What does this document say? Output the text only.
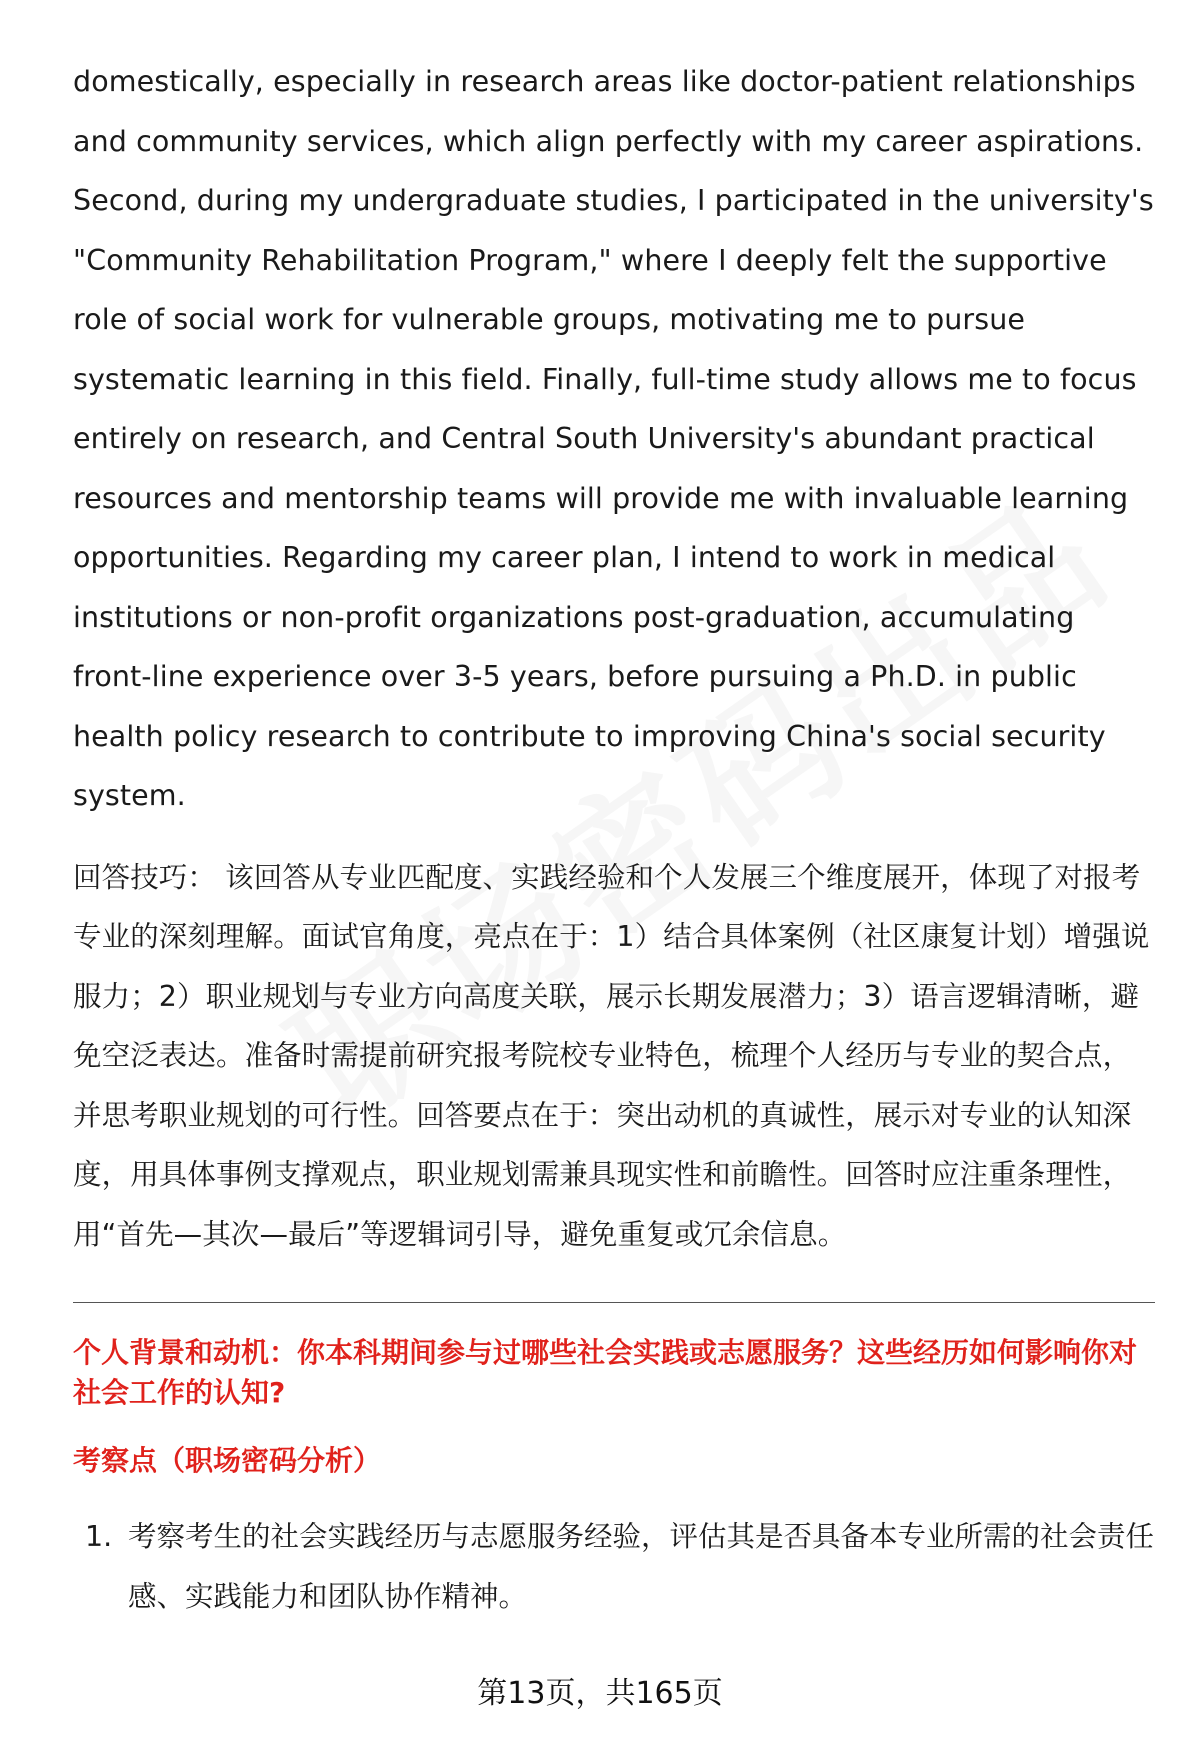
domestically, especially in research areas like doctor-patient relationships and community services, which align perfectly with my career aspirations. Second, during my undergraduate studies, I participated in the university's "Community Rehabilitation Program," where I deeply felt the supportive role of social work for vulnerable groups, motivating me to pursue systematic learning in this field. Finally, full-time study allows me to focus entirely on research, and Central South University's abundant practical resources and mentorship teams will provide me with invaluable learning opportunities. Regarding my career plan, I intend to work in medical institutions or non-profit organizations post-graduation, accumulating front-line experience over 3-5 years, before pursuing a Ph.D. in public health policy research to contribute to improving China's social security system.

回答技巧： 该回答从专业匹配度、实践经验和个人发展三个维度展开，体现了对报考专业的深刻理解。面试官角度，亮点在于：1）结合具体案例（社区康复计划）增强说服力；2）职业规划与专业方向高度关联，展示长期发展潜力；3）语言逻辑清晰，避免空泛表达。准备时需提前研究报考院校专业特色，梳理个人经历与专业的契合点，并思考职业规划的可行性。回答要点在于：突出动机的真诚性，展示对专业的认知深度，用具体事例支撑观点，职业规划需兼具现实性和前瞻性。回答时应注重条理性，用“首先—其次—最后”等逻辑词引导，避免重复或冗余信息。

个人背景和动机：你本科期间参与过哪些社会实践或志愿服务？这些经历如何影响你对社会工作的认知?
考察点（职场密码分析）
1. 考察考生的社会实践经历与志愿服务经验，评估其是否具备本专业所需的社会责任感、实践能力和团队协作精神。
第13页，共165页
